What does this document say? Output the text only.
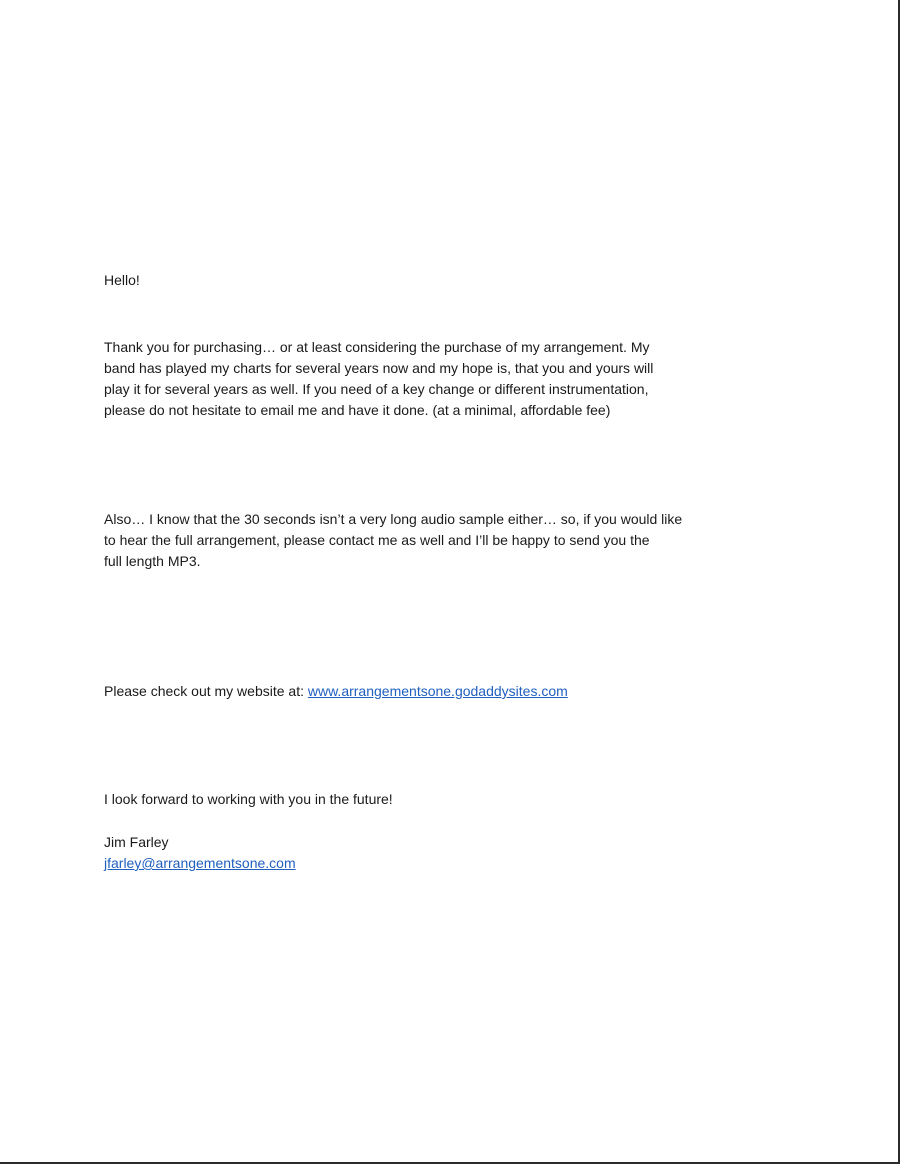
Hello!

Thank you for purchasing… or at least considering the purchase of my arrangement. My
band has played my charts for several years now and my hope is, that you and yours will
play it for several years as well. If you need of a key change or different instrumentation,
please do not hesitate to email me and have it done. (at a minimal, affordable fee)

Also… I know that the 30 seconds isn’t a very long audio sample either… so, if you would like
to hear the full arrangement, please contact me as well and I’ll be happy to send you the
full length MP3.

Please check out my website at: www.arrangementsone.godaddysites.com

I look forward to working with you in the future!

Jim Farley

jfarley@arrangementsone.com
